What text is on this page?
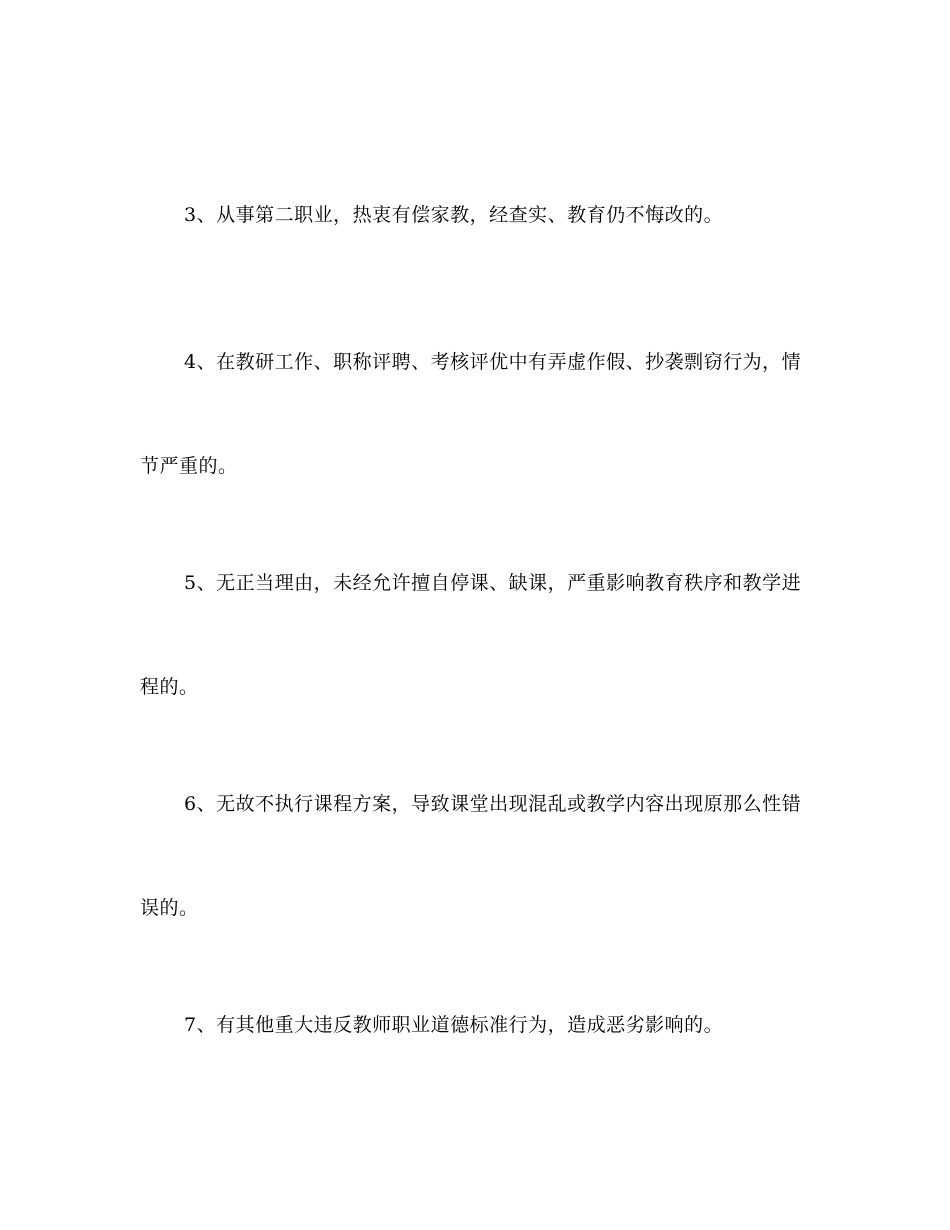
3、从事第二职业，热衷有偿家教，经查实、教育仍不悔改的。

4、在教研工作、职称评聘、考核评优中有弄虚作假、抄袭剽窃行为，情节严重的。

5、无正当理由，未经允许擅自停课、缺课，严重影响教育秩序和教学进程的。

6、无故不执行课程方案，导致课堂出现混乱或教学内容出现原那么性错误的。

7、有其他重大违反教师职业道德标准行为，造成恶劣影响的。
